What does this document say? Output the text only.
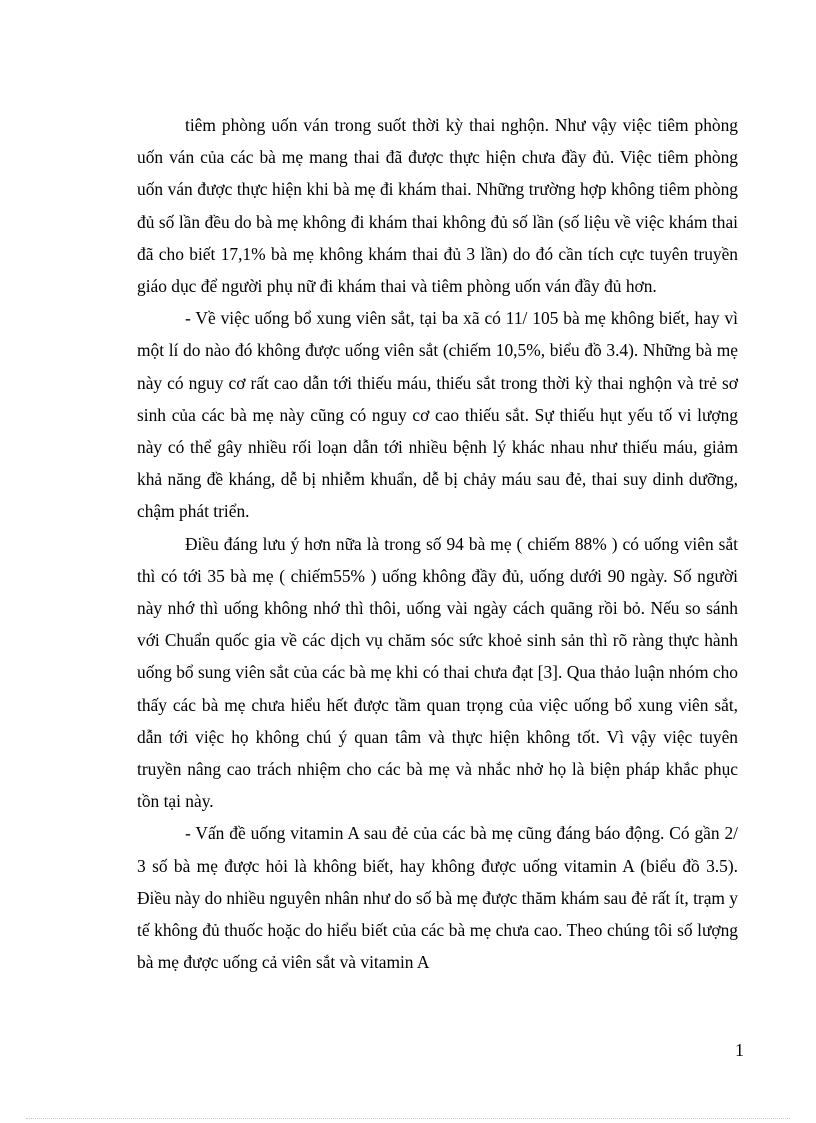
tiêm phòng uốn ván trong suốt thời kỳ thai nghộn. Như vậy việc tiêm phòng uốn ván của các bà mẹ mang thai đã được thực hiện chưa đầy đủ. Việc tiêm phòng uốn ván được thực hiện khi bà mẹ đi khám thai. Những trường hợp không tiêm phòng đủ số lần đều do bà mẹ không đi khám thai không đủ số lần (số liệu về việc khám thai đã cho biết 17,1% bà mẹ không khám thai đủ 3 lần) do đó cần tích cực tuyên truyền giáo dục để người phụ nữ đi khám thai và tiêm phòng uốn ván đầy đủ hơn.

- Về việc uống bổ xung viên sắt, tại ba xã có 11/ 105 bà mẹ không biết, hay vì một lí do nào đó không được uống viên sắt (chiếm 10,5%, biểu đồ 3.4). Những bà mẹ này có nguy cơ rất cao dẫn tới thiếu máu, thiếu sắt trong thời kỳ thai nghộn và trẻ sơ sinh của các bà mẹ này cũng có nguy cơ cao thiếu sắt. Sự thiếu hụt yếu tố vi lượng này có thể gây nhiều rối loạn dẫn tới nhiều bệnh lý khác nhau như thiếu máu, giảm khả năng đề kháng, dễ bị nhiễm khuẩn, dễ bị chảy máu sau đẻ, thai suy dinh dưỡng, chậm phát triển.

Điều đáng lưu ý hơn nữa là trong số 94 bà mẹ ( chiếm 88% ) có uống viên sắt thì có tới 35 bà mẹ ( chiếm55% ) uống không đầy đủ, uống dưới 90 ngày. Số người này nhớ thì uống không nhớ thì thôi, uống vài ngày cách quãng rồi bỏ. Nếu so sánh với Chuẩn quốc gia về các dịch vụ chăm sóc sức khoẻ sinh sản thì rõ ràng thực hành uống bổ sung viên sắt của các bà mẹ khi có thai chưa đạt [3]. Qua thảo luận nhóm cho thấy các bà mẹ chưa hiểu hết được tầm quan trọng của việc uống bổ xung viên sắt, dẫn tới việc họ không chú ý quan tâm và thực hiện không tốt. Vì vậy việc tuyên truyền nâng cao trách nhiệm cho các bà mẹ và nhắc nhở họ là biện pháp khắc phục tồn tại này.

- Vấn đề uống vitamin A sau đẻ của các bà mẹ cũng đáng báo động. Có gần 2/ 3 số bà mẹ được hỏi là không biết, hay không được uống vitamin A (biểu đồ 3.5). Điều này do nhiều nguyên nhân như do số bà mẹ được thăm khám sau đẻ rất ít, trạm y tế không đủ thuốc hoặc do hiểu biết của các bà mẹ chưa cao. Theo chúng tôi số lượng bà mẹ được uống cả viên sắt và vitamin A

1
